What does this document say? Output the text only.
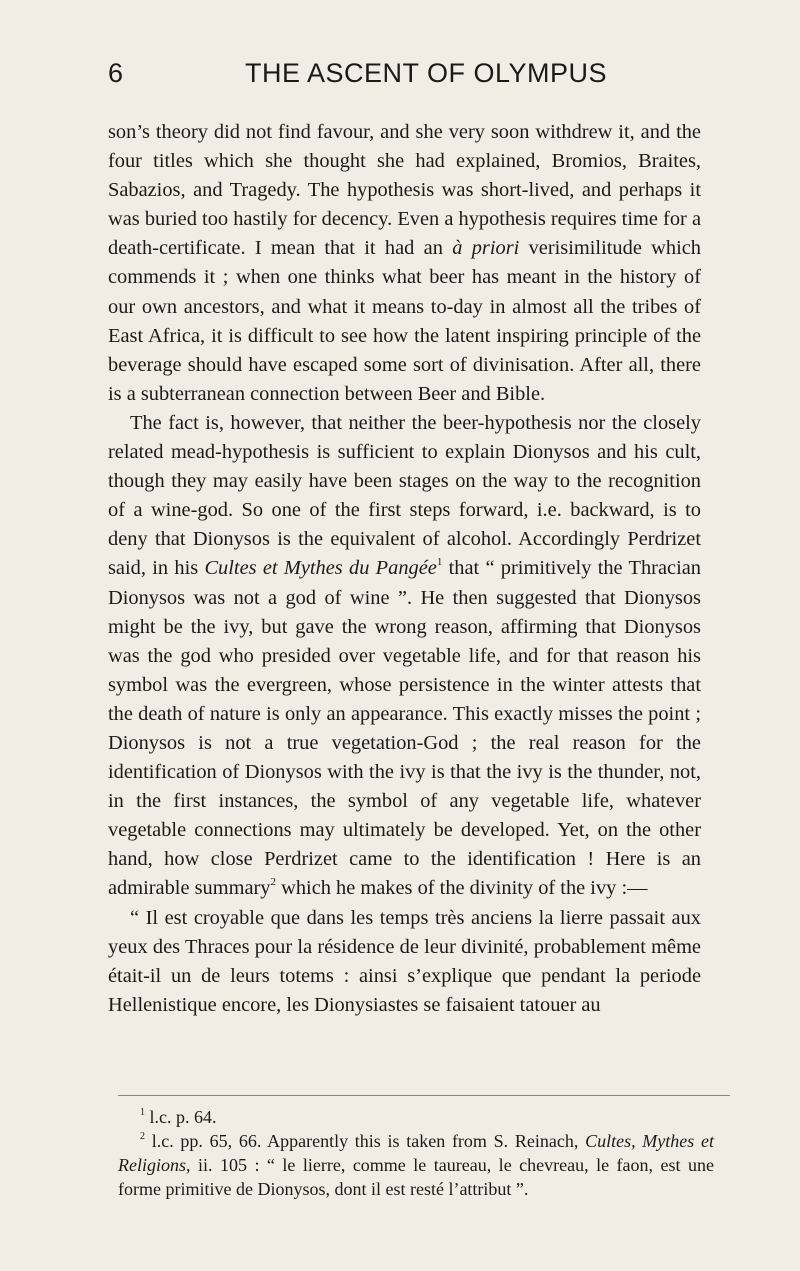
6	THE ASCENT OF OLYMPUS

son’s theory did not find favour, and she very soon withdrew it, and the four titles which she thought she had explained, Bromios, Braites, Sabazios, and Tragedy. The hypothesis was short-lived, and perhaps it was buried too hastily for decency. Even a hypothesis requires time for a death-certificate. I mean that it had an à priori verisimilitude which commends it ; when one thinks what beer has meant in the history of our own ancestors, and what it means to-day in almost all the tribes of East Africa, it is difficult to see how the latent inspiring principle of the beverage should have escaped some sort of divinisation. After all, there is a subterranean connection between Beer and Bible.

The fact is, however, that neither the beer-hypothesis nor the closely related mead-hypothesis is sufficient to explain Dionysos and his cult, though they may easily have been stages on the way to the recognition of a wine-god. So one of the first steps forward, i.e. backward, is to deny that Dionysos is the equivalent of alcohol. Accordingly Perdrizet said, in his Cultes et Mythes du Pangée$^1$ that “ primitively the Thracian Dionysos was not a god of wine ”. He then suggested that Dionysos might be the ivy, but gave the wrong reason, affirming that Dionysos was the god who presided over vegetable life, and for that reason his symbol was the evergreen, whose persistence in the winter attests that the death of nature is only an appearance. This exactly misses the point ; Dionysos is not a true vegetation-God ; the real reason for the identification of Dionysos with the ivy is that the ivy is the thunder, not, in the first instances, the symbol of any vegetable life, whatever vegetable connections may ultimately be developed. Yet, on the other hand, how close Perdrizet came to the identification ! Here is an admirable summary$^2$ which he makes of the divinity of the ivy :—

“ Il est croyable que dans les temps très anciens la lierre passait aux yeux des Thraces pour la résidence de leur divinité, probablement même était-il un de leurs totems : ainsi s’explique que pendant la periode Hellenistique encore, les Dionysiastes se faisaient tatouer au

$^1$ l.c. p. 64.

$^2$ l.c. pp. 65, 66. Apparently this is taken from S. Reinach, Cultes, Mythes et Religions, ii. 105 : “ le lierre, comme le taureau, le chevreau, le faon, est une forme primitive de Dionysos, dont il est resté l’attribut ”.
